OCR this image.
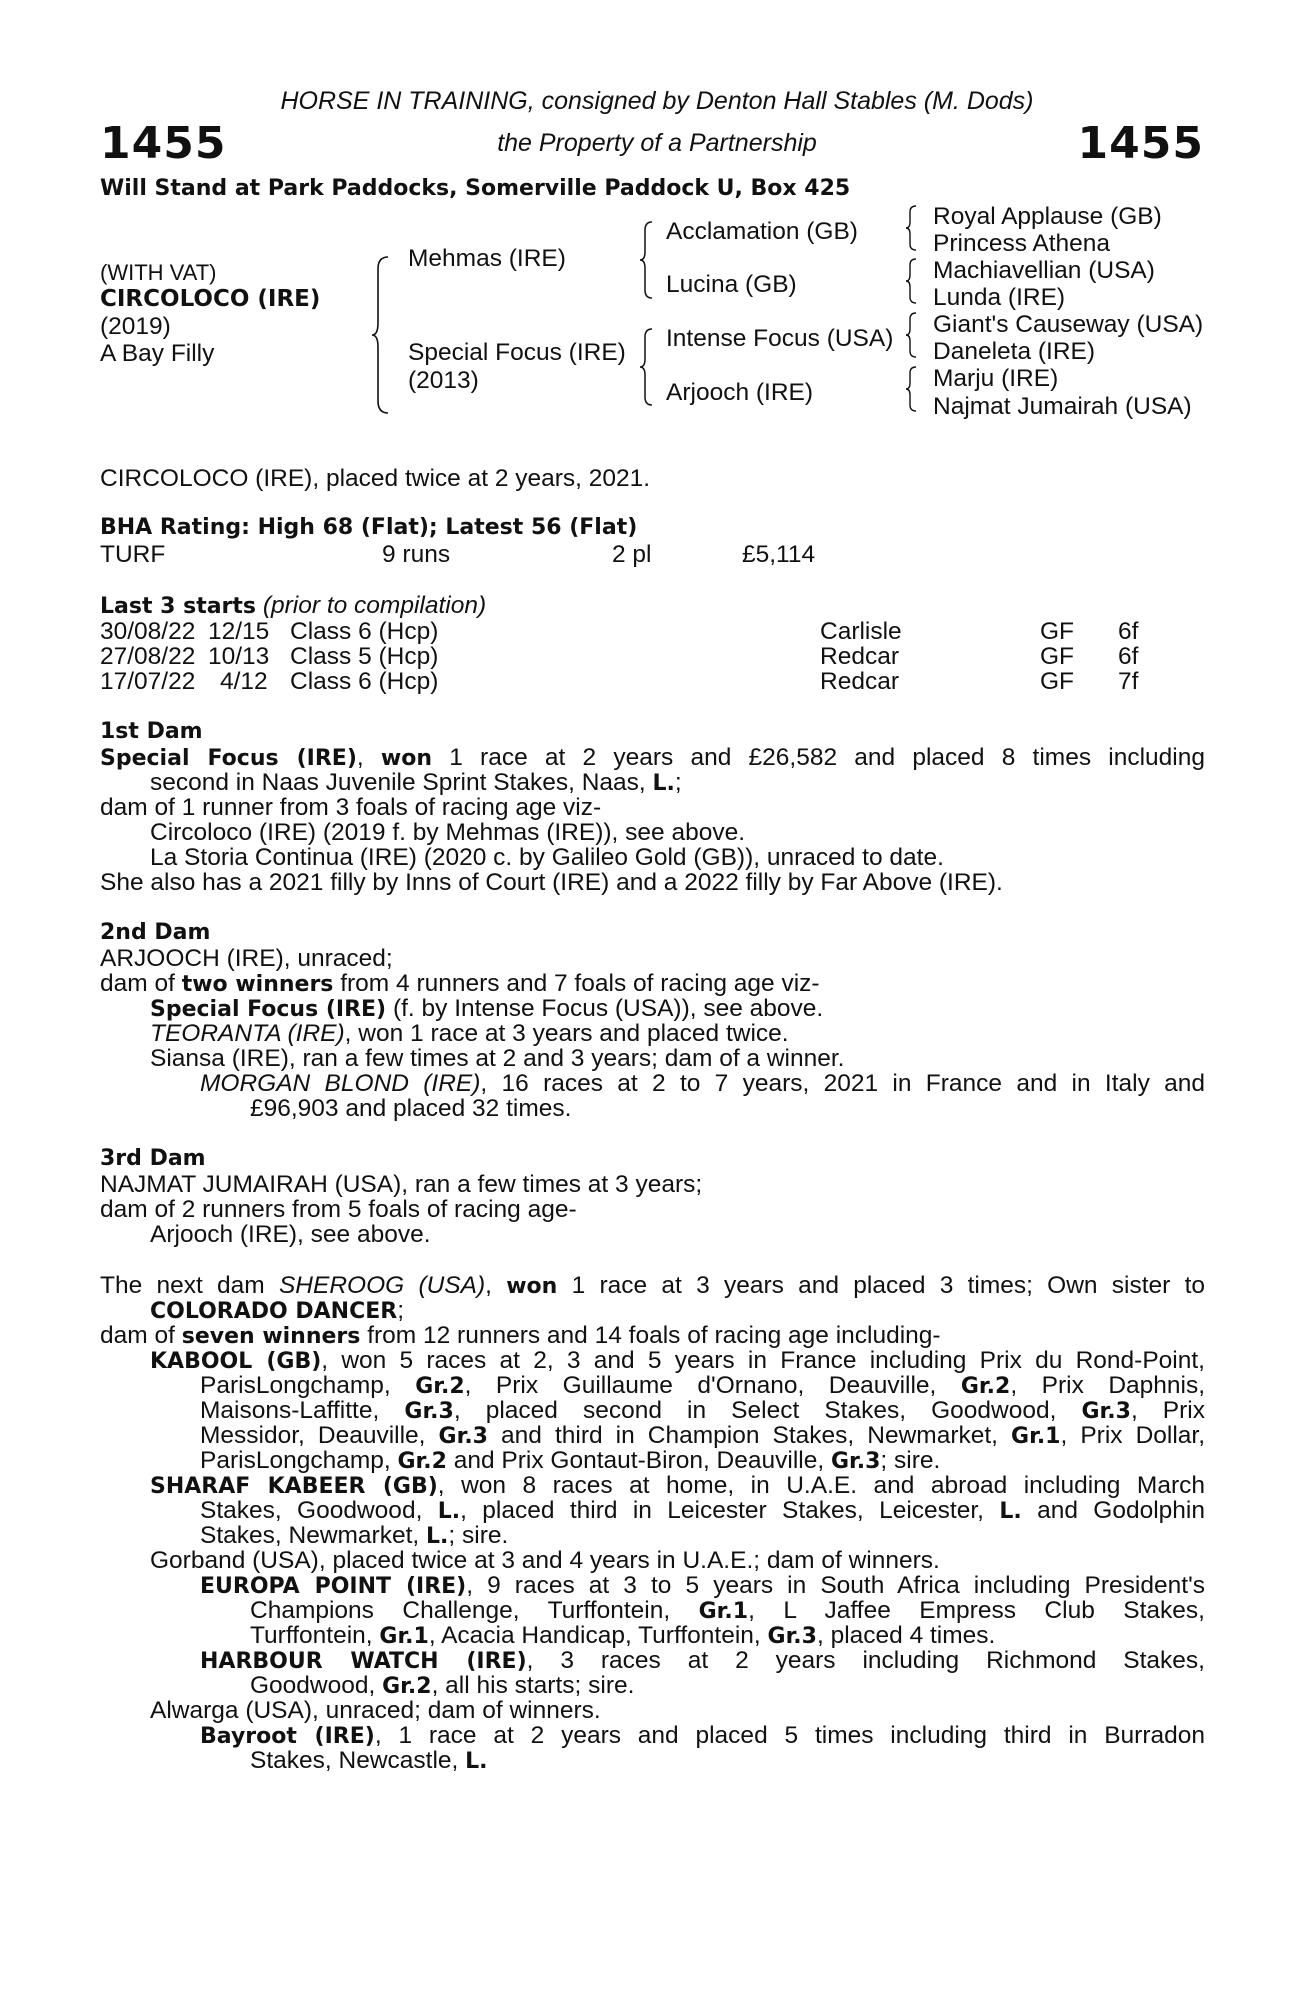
HORSE IN TRAINING, consigned by Denton Hall Stables (M. Dods)
the Property of a Partnership
1455	1455
Will Stand at Park Paddocks, Somerville Paddock U, Box 425
(WITH VAT)
CIRCOLOCO (IRE)
(2019)
A Bay Filly
Mehmas (IRE)
Special Focus (IRE)
(2013)
Acclamation (GB)
Lucina (GB)
Intense Focus (USA)
Arjooch (IRE)
Royal Applause (GB)
Princess Athena
Machiavellian (USA)
Lunda (IRE)
Giant's Causeway (USA)
Daneleta (IRE)
Marju (IRE)
Najmat Jumairah (USA)
CIRCOLOCO (IRE), placed twice at 2 years, 2021.
BHA Rating: High 68 (Flat); Latest 56 (Flat)
TURF	9 runs	2 pl	£5,114
Last 3 starts (prior to compilation)
30/08/22 12/15 Class 6 (Hcp)	Carlisle	GF 6f
27/08/22 10/13 Class 5 (Hcp)	Redcar	GF 6f
17/07/22 4/12 Class 6 (Hcp)	Redcar	GF 7f
1st Dam
Special Focus (IRE), won 1 race at 2 years and £26,582 and placed 8 times including
second in Naas Juvenile Sprint Stakes, Naas, L.;
dam of 1 runner from 3 foals of racing age viz-
Circoloco (IRE) (2019 f. by Mehmas (IRE)), see above.
La Storia Continua (IRE) (2020 c. by Galileo Gold (GB)), unraced to date.
She also has a 2021 filly by Inns of Court (IRE) and a 2022 filly by Far Above (IRE).
2nd Dam
ARJOOCH (IRE), unraced;
dam of two winners from 4 runners and 7 foals of racing age viz-
Special Focus (IRE) (f. by Intense Focus (USA)), see above.
TEORANTA (IRE), won 1 race at 3 years and placed twice.
Siansa (IRE), ran a few times at 2 and 3 years; dam of a winner.
MORGAN BLOND (IRE), 16 races at 2 to 7 years, 2021 in France and in Italy and
£96,903 and placed 32 times.
3rd Dam
NAJMAT JUMAIRAH (USA), ran a few times at 3 years;
dam of 2 runners from 5 foals of racing age-
Arjooch (IRE), see above.
The next dam SHEROOG (USA), won 1 race at 3 years and placed 3 times; Own sister to
COLORADO DANCER;
dam of seven winners from 12 runners and 14 foals of racing age including-
KABOOL (GB), won 5 races at 2, 3 and 5 years in France including Prix du Rond-Point,
ParisLongchamp, Gr.2, Prix Guillaume d'Ornano, Deauville, Gr.2, Prix Daphnis,
Maisons-Laffitte, Gr.3, placed second in Select Stakes, Goodwood, Gr.3, Prix
Messidor, Deauville, Gr.3 and third in Champion Stakes, Newmarket, Gr.1, Prix Dollar,
ParisLongchamp, Gr.2 and Prix Gontaut-Biron, Deauville, Gr.3; sire.
SHARAF KABEER (GB), won 8 races at home, in U.A.E. and abroad including March
Stakes, Goodwood, L., placed third in Leicester Stakes, Leicester, L. and Godolphin
Stakes, Newmarket, L.; sire.
Gorband (USA), placed twice at 3 and 4 years in U.A.E.; dam of winners.
EUROPA POINT (IRE), 9 races at 3 to 5 years in South Africa including President's
Champions Challenge, Turffontein, Gr.1, L Jaffee Empress Club Stakes,
Turffontein, Gr.1, Acacia Handicap, Turffontein, Gr.3, placed 4 times.
HARBOUR WATCH (IRE), 3 races at 2 years including Richmond Stakes,
Goodwood, Gr.2, all his starts; sire.
Alwarga (USA), unraced; dam of winners.
Bayroot (IRE), 1 race at 2 years and placed 5 times including third in Burradon
Stakes, Newcastle, L.
